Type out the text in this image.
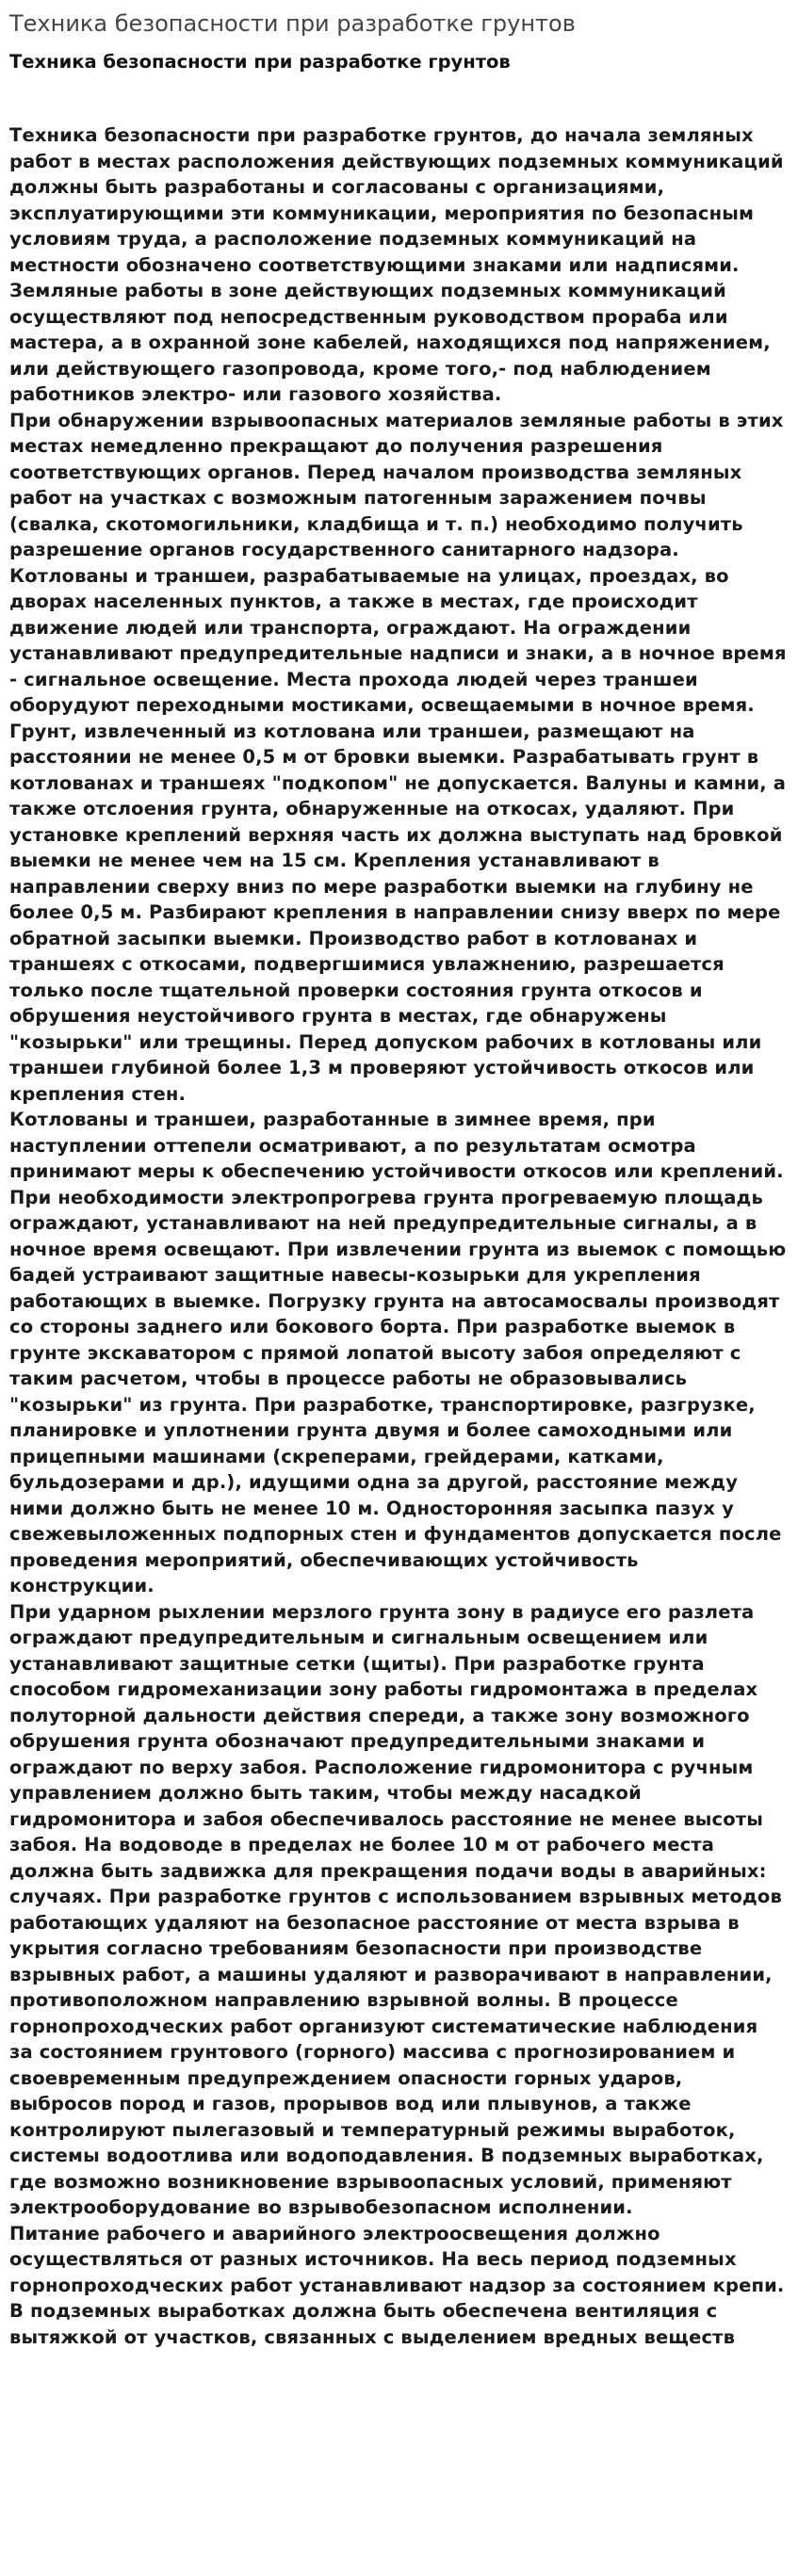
Техника безопасности при разработке грунтов
Техника безопасности при разработке грунтов

Техника безопасности при разработке грунтов, до начала земляных работ в местах расположения действующих подземных коммуникаций должны быть разработаны и согласованы с организациями, эксплуатирующими эти коммуникации, мероприятия по безопасным условиям труда, а расположение подземных коммуникаций на местности обозначено соответствующими знаками или надписями.

Земляные работы в зоне действующих подземных коммуникаций осуществляют под непосредственным руководством прораба или мастера, а в охранной зоне кабелей, находящихся под напряжением, или действующего газопровода, кроме того,- под наблюдением работников электро- или газового хозяйства.

При обнаружении взрывоопасных материалов земляные работы в этих местах немедленно прекращают до получения разрешения соответствующих органов. Перед началом производства земляных работ на участках с возможным патогенным заражением почвы (свалка, скотомогильники, кладбища и т. п.) необходимо получить разрешение органов государственного санитарного надзора. Котлованы и траншеи, разрабатываемые на улицах, проездах, во дворах населенных пунктов, а также в местах, где происходит движение людей или транспорта, ограждают. На ограждении устанавливают предупредительные надписи и знаки, а в ночное время - сигнальное освещение. Места прохода людей через траншеи оборудуют переходными мостиками, освещаемыми в ночное время. Грунт, извлеченный из котлована или траншеи, размещают на расстоянии не менее 0,5 м от бровки выемки. Разрабатывать грунт в котлованах и траншеях "подкопом" не допускается. Валуны и камни, а также отслоения грунта, обнаруженные на откосах, удаляют. При установке креплений верхняя часть их должна выступать над бровкой выемки не менее чем на 15 см. Крепления устанавливают в направлении сверху вниз по мере разработки выемки на глубину не более 0,5 м. Разбирают крепления в направлении снизу вверх по мере обратной засыпки выемки. Производство работ в котлованах и траншеях с откосами, подвергшимися увлажнению, разрешается только после тщательной проверки состояния грунта откосов и обрушения неустойчивого грунта в местах, где обнаружены "козырьки" или трещины. Перед допуском рабочих в котлованы или траншеи глубиной более 1,3 м проверяют устойчивость откосов или крепления стен.

Котлованы и траншеи, разработанные в зимнее время, при наступлении оттепели осматривают, а по результатам осмотра принимают меры к обеспечению устойчивости откосов или креплений. При необходимости электропрогрева грунта прогреваемую площадь ограждают, устанавливают на ней предупредительные сигналы, а в ночное время освещают. При извлечении грунта из выемок с помощью бадей устраивают защитные навесы-козырьки для укрепления работающих в выемке. Погрузку грунта на автосамосвалы производят со стороны заднего или бокового борта. При разработке выемок в грунте экскаватором с прямой лопатой высоту забоя определяют с таким расчетом, чтобы в процессе работы не образовывались "козырьки" из грунта. При разработке, транспортировке, разгрузке, планировке и уплотнении грунта двумя и более самоходными или прицепными машинами (скреперами, грейдерами, катками, бульдозерами и др.), идущими одна за другой, расстояние между ними должно быть не менее 10 м. Односторонняя засыпка пазух у свежевыложенных подпорных стен и фундаментов допускается после проведения мероприятий, обеспечивающих устойчивость конструкции.

При ударном рыхлении мерзлого грунта зону в радиусе его разлета ограждают предупредительным и сигнальным освещением или устанавливают защитные сетки (щиты). При разработке грунта способом гидромеханизации зону работы гидромонтажа в пределах полуторной дальности действия спереди, а также зону возможного обрушения грунта обозначают предупредительными знаками и ограждают по верху забоя. Расположение гидромонитора с ручным управлением должно быть таким, чтобы между насадкой гидромонитора и забоя обеспечивалось расстояние не менее высоты забоя. На водоводе в пределах не более 10 м от рабочего места должна быть задвижка для прекращения подачи воды в аварийных: случаях. При разработке грунтов с использованием взрывных методов работающих удаляют на безопасное расстояние от места взрыва в укрытия согласно требованиям безопасности при производстве взрывных работ, а машины удаляют и разворачивают в направлении, противоположном направлению взрывной волны. В процессе горнопроходческих работ организуют систематические наблюдения за состоянием грунтового (горного) массива с прогнозированием и своевременным предупреждением опасности горных ударов, выбросов пород и газов, прорывов вод или плывунов, а также контролируют пылегазовый и температурный режимы выработок, системы водоотлива или водоподавления. В подземных выработках, где возможно возникновение взрывоопасных условий, применяют электрооборудование во взрывобезопасном исполнении.

Питание рабочего и аварийного электроосвещения должно осуществляться от разных источников. На весь период подземных горнопроходческих работ устанавливают надзор за состоянием крепи. В подземных выработках должна быть обеспечена вентиляция с вытяжкой от участков, связанных с выделением вредных веществ
